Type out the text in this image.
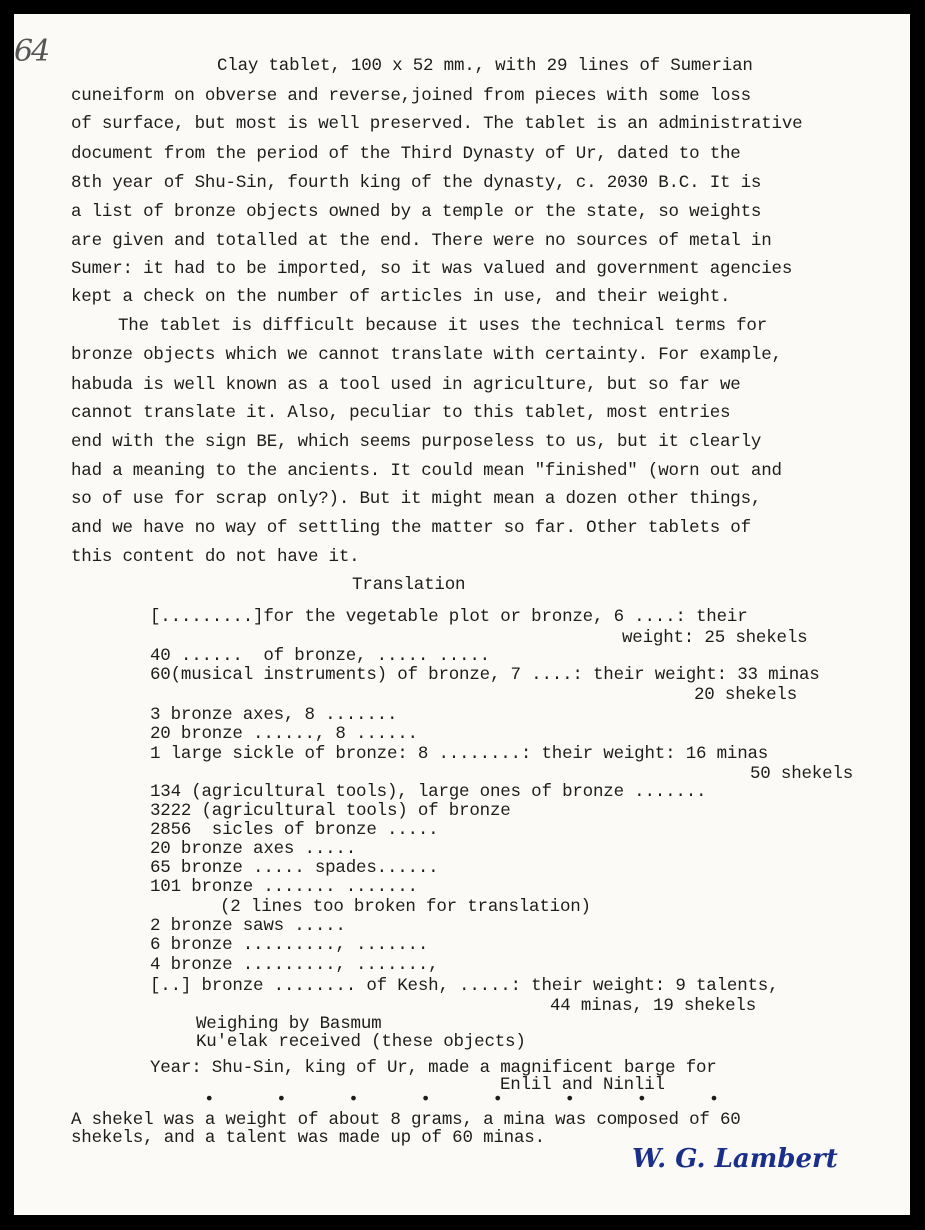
64	Clay tablet, 100 x 52 mm., with 29 lines of Sumerian
cuneiform on obverse and reverse,joined from pieces with some loss
of surface, but most is well preserved. The tablet is an administrative
document from the period of the Third Dynasty of Ur, dated to the
8th year of Shu-Sin, fourth king of the dynasty, c. 2030 B.C. It is
a list of bronze objects owned by a temple or the state, so weights
are given and totalled at the end. There were no sources of metal in
Sumer: it had to be imported, so it was valued and government agencies
kept a check on the number of articles in use, and their weight.
The tablet is difficult because it uses the technical terms for
bronze objects which we cannot translate with certainty. For example,
habuda is well known as a tool used in agriculture, but so far we
cannot translate it. Also, peculiar to this tablet, most entries
end with the sign BE, which seems purposeless to us, but it clearly
had a meaning to the ancients. It could mean "finished" (worn out and
so of use for scrap only?). But it might mean a dozen other things,
and we have no way of settling the matter so far. Other tablets of
this content do not have it.
Translation
[.........]for the vegetable plot or bronze, 6 ....: their
weight: 25 shekels
40 ......  of bronze, ..... .....
60(musical instruments) of bronze, 7 ....: their weight: 33 minas
20 shekels
3 bronze axes, 8 .......
20 bronze ......, 8 ......
1 large sickle of bronze: 8 ........: their weight: 16 minas
50 shekels
134 (agricultural tools), large ones of bronze .......
3222 (agricultural tools) of bronze
2856  sicles of bronze .....
20 bronze axes .....
65 bronze ..... spades......
101 bronze ....... .......
(2 lines too broken for translation)
2 bronze saws .....
6 bronze ........., .......
4 bronze ........., .......,
[..] bronze ........ of Kesh, .....: their weight: 9 talents,
44 minas, 19 shekels
Weighing by Basmum
Ku'elak received (these objects)
Year: Shu-Sin, king of Ur, made a magnificent barge for
Enlil and Ninlil
•      •      •      •      •      •      •      •
A shekel was a weight of about 8 grams, a mina was composed of 60
shekels, and a talent was made up of 60 minas.
W. G. Lambert
